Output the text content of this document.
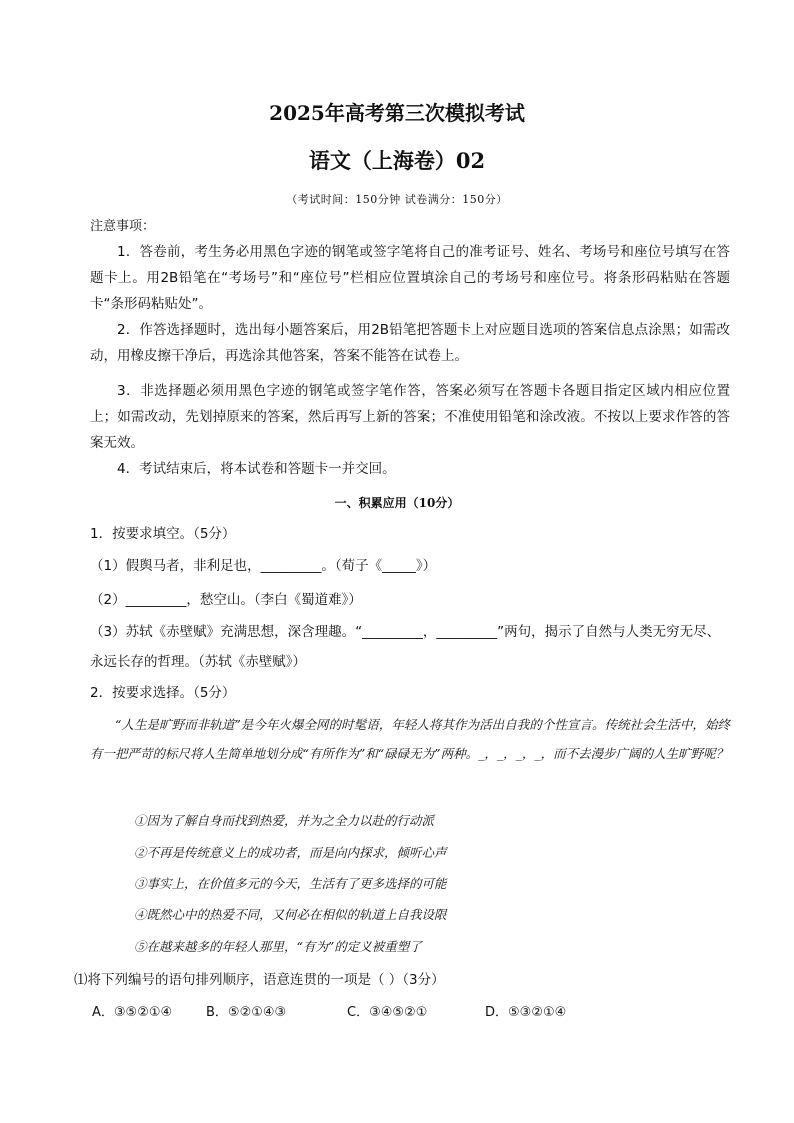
2025年高考第三次模拟考试
语文（上海卷）02
（考试时间：150分钟 试卷满分：150分）
注意事项：
1．答卷前，考生务必用黑色字迹的钢笔或签字笔将自己的准考证号、姓名、考场号和座位号填写在答题卡上。用2B铅笔在“考场号”和“座位号”栏相应位置填涂自己的考场号和座位号。将条形码粘贴在答题卡“条形码粘贴处”。
2．作答选择题时，选出每小题答案后，用2B铅笔把答题卡上对应题目选项的答案信息点涂黑；如需改动，用橡皮擦干净后，再选涂其他答案，答案不能答在试卷上。
3．非选择题必须用黑色字迹的钢笔或签字笔作答，答案必须写在答题卡各题目指定区域内相应位置上；如需改动，先划掉原来的答案，然后再写上新的答案；不准使用铅笔和涂改液。不按以上要求作答的答案无效。
4．考试结束后，将本试卷和答题卡一并交回。
一、积累应用（10分）
1．按要求填空。（5分）
（1）假舆马者，非利足也，_________。（荀子《_____》）
（2）_________，愁空山。（李白《蜀道难》）
（3）苏轼《赤壁赋》充满思想，深含理趣。“_________，_________”两句，揭示了自然与人类无穷无尽、
永远长存的哲理。（苏轼《赤壁赋》）
2．按要求选择。（5分）
“人生是旷野而非轨道”是今年火爆全网的时髦语，年轻人将其作为活出自我的个性宣言。传统社会生活中，始终有一把严苛的标尺将人生简单地划分成“有所作为”和“碌碌无为”两种。_，_，_，_，而不去漫步广阔的人生旷野呢？
①因为了解自身而找到热爱，并为之全力以赴的行动派
②不再是传统意义上的成功者，而是向内探求，倾听心声
③事实上，在价值多元的今天，生活有了更多选择的可能
④既然心中的热爱不同，又何必在相似的轨道上自我设限
⑤在越来越多的年轻人那里，“有为”的定义被重塑了
⑴将下列编号的语句排列顺序，语意连贯的一项是（ ）（3分）
A．③⑤②①④	B．⑤②①④③	C．③④⑤②①	D．⑤③②①④
